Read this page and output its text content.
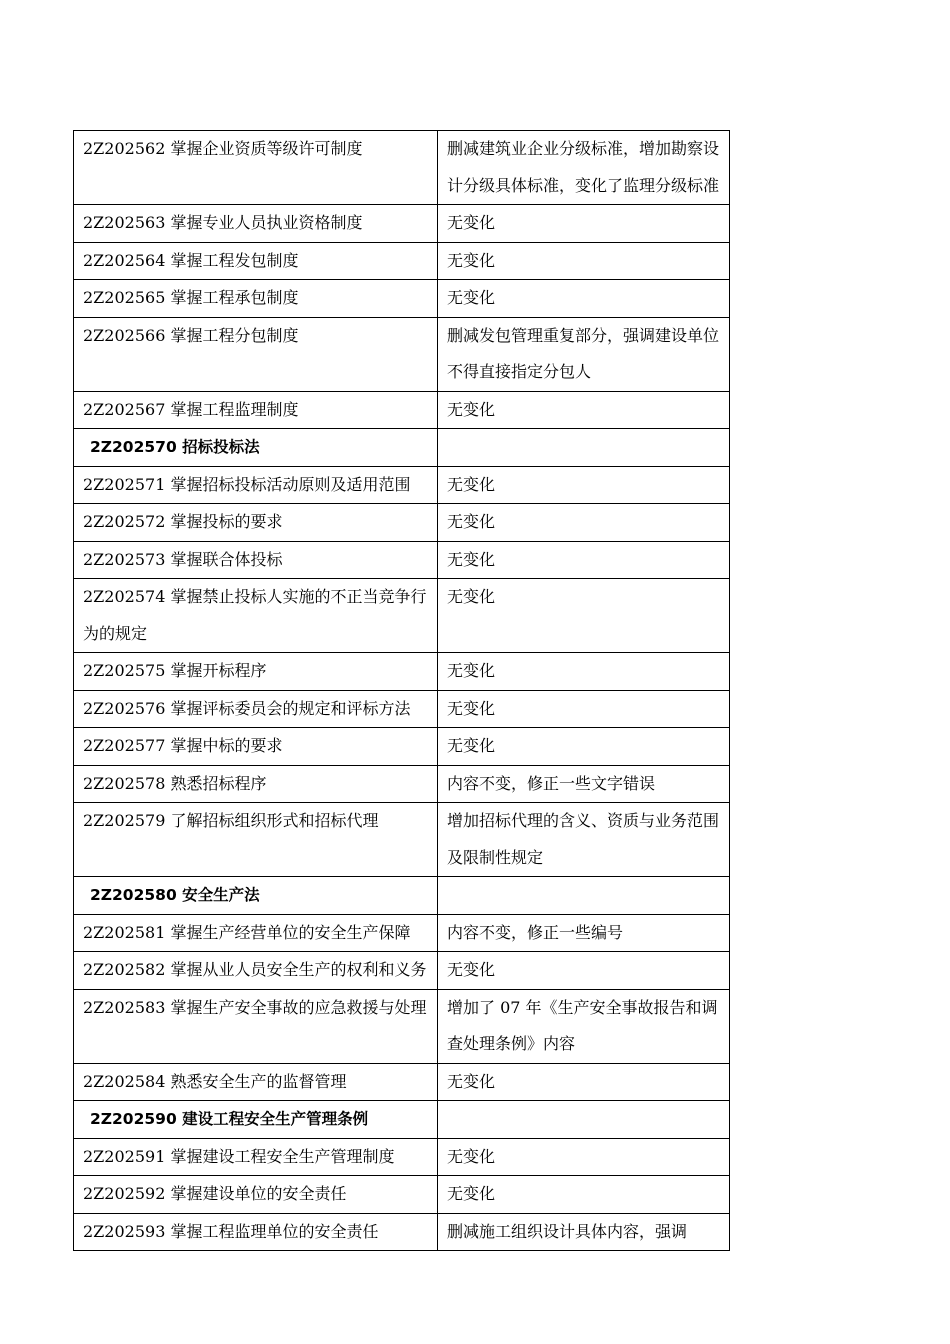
2Z202562 掌握企业资质等级许可制度	删减建筑业企业分级标准，增加勘察设计分级具体标准，变化了监理分级标准
2Z202563 掌握专业人员执业资格制度	无变化
2Z202564 掌握工程发包制度	无变化
2Z202565 掌握工程承包制度	无变化
2Z202566 掌握工程分包制度	删减发包管理重复部分，强调建设单位不得直接指定分包人
2Z202567 掌握工程监理制度	无变化
2Z202570 招标投标法	
2Z202571 掌握招标投标活动原则及适用范围	无变化
2Z202572 掌握投标的要求	无变化
2Z202573 掌握联合体投标	无变化
2Z202574 掌握禁止投标人实施的不正当竞争行为的规定	无变化
2Z202575 掌握开标程序	无变化
2Z202576 掌握评标委员会的规定和评标方法	无变化
2Z202577 掌握中标的要求	无变化
2Z202578 熟悉招标程序	内容不变，修正一些文字错误
2Z202579 了解招标组织形式和招标代理	增加招标代理的含义、资质与业务范围及限制性规定
2Z202580 安全生产法	
2Z202581 掌握生产经营单位的安全生产保障	内容不变，修正一些编号
2Z202582 掌握从业人员安全生产的权利和义务	无变化
2Z202583 掌握生产安全事故的应急救援与处理	增加了 07 年《生产安全事故报告和调查处理条例》内容
2Z202584 熟悉安全生产的监督管理	无变化
2Z202590 建设工程安全生产管理条例	
2Z202591 掌握建设工程安全生产管理制度	无变化
2Z202592 掌握建设单位的安全责任	无变化
2Z202593 掌握工程监理单位的安全责任	删减施工组织设计具体内容，强调
